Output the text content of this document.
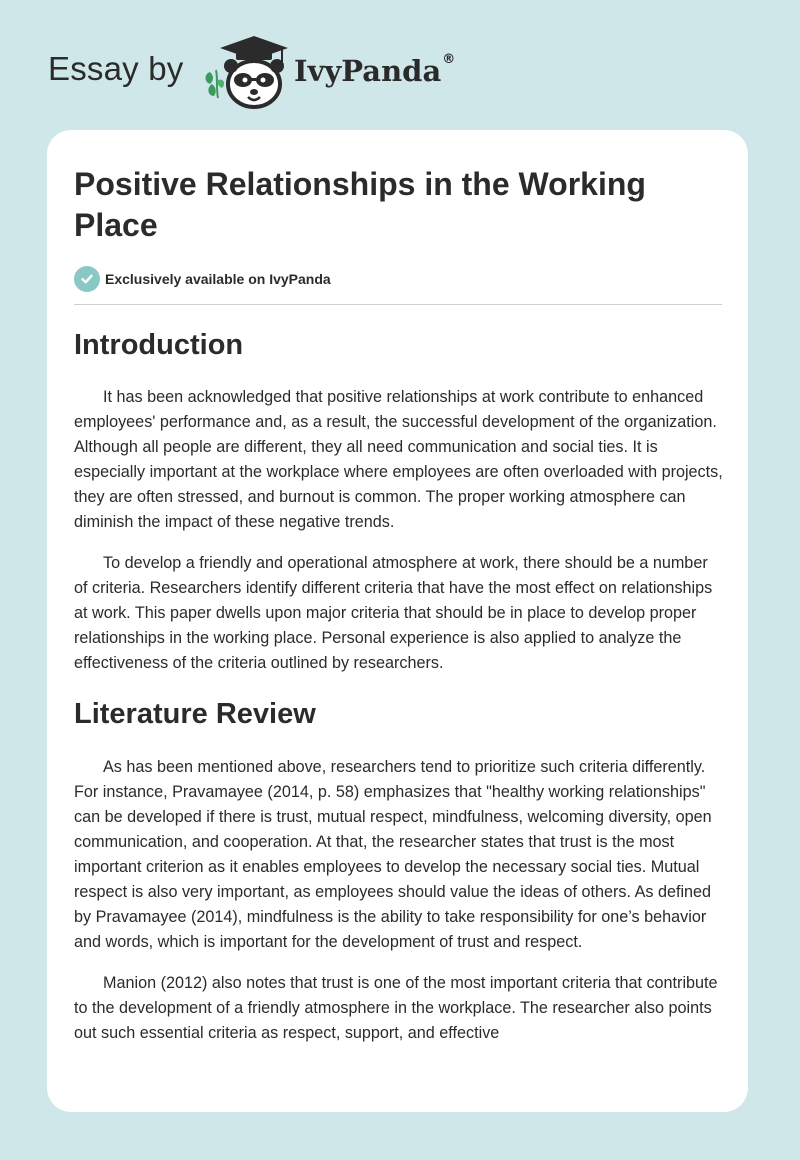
Essay by	IvyPanda®
Positive Relationships in the Working Place
Exclusively available on IvyPanda
Introduction

It has been acknowledged that positive relationships at work contribute to enhanced employees' performance and, as a result, the successful development of the organization. Although all people are different, they all need communication and social ties. It is especially important at the workplace where employees are often overloaded with projects, they are often stressed, and burnout is common. The proper working atmosphere can diminish the impact of these negative trends.

To develop a friendly and operational atmosphere at work, there should be a number of criteria. Researchers identify different criteria that have the most effect on relationships at work. This paper dwells upon major criteria that should be in place to develop proper relationships in the working place. Personal experience is also applied to analyze the effectiveness of the criteria outlined by researchers.

Literature Review

As has been mentioned above, researchers tend to prioritize such criteria differently. For instance, Pravamayee (2014, p. 58) emphasizes that "healthy working relationships" can be developed if there is trust, mutual respect, mindfulness, welcoming diversity, open communication, and cooperation. At that, the researcher states that trust is the most important criterion as it enables employees to develop the necessary social ties. Mutual respect is also very important, as employees should value the ideas of others. As defined by Pravamayee (2014), mindfulness is the ability to take responsibility for one’s behavior and words, which is important for the development of trust and respect.

Manion (2012) also notes that trust is one of the most important criteria that contribute to the development of a friendly atmosphere in the workplace. The researcher also points out such essential criteria as respect, support, and effective
